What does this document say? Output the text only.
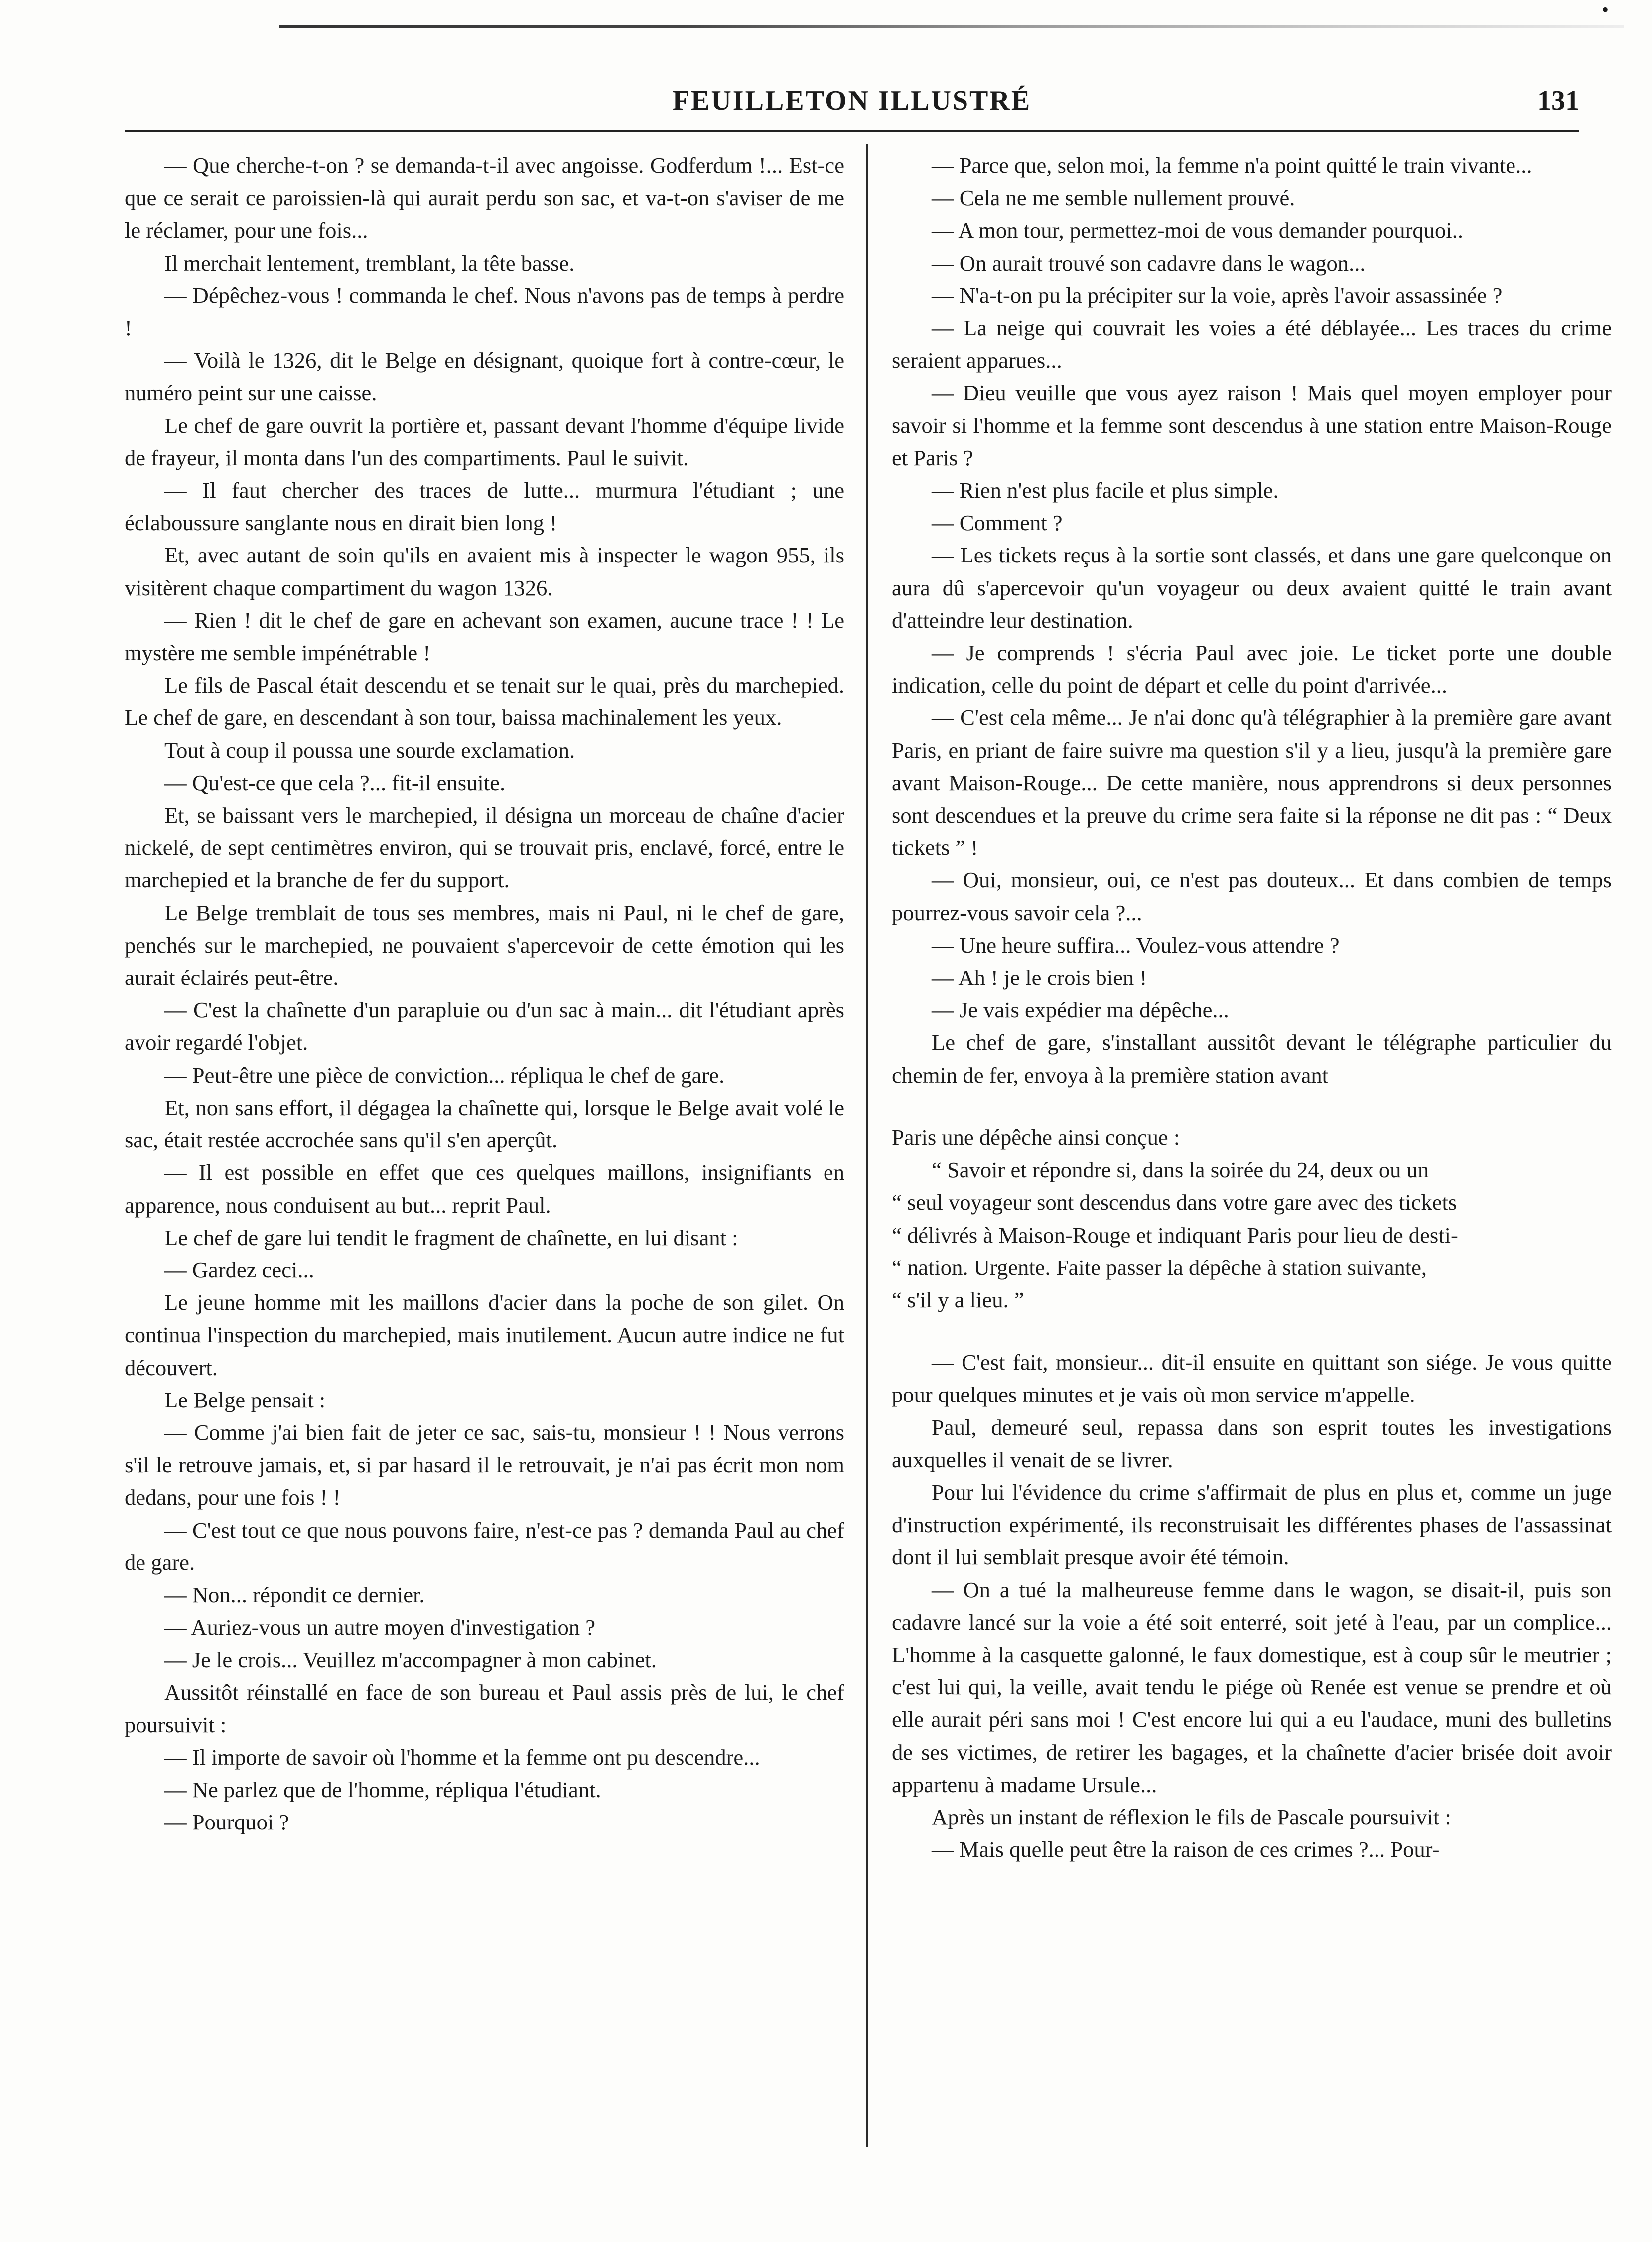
•
FEUILLETON ILLUSTRÉ	131

— Que cherche-t-on ? se demanda-t-il avec angoisse. Godferdum !... Est-ce que ce serait ce paroissien-là qui aurait perdu son sac, et va-t-on s'aviser de me le réclamer, pour une fois...

Il merchait lentement, tremblant, la tête basse.

— Dépêchez-vous ! commanda le chef. Nous n'avons pas de temps à perdre !

— Voilà le 1326, dit le Belge en désignant, quoique fort à contre-cœur, le numéro peint sur une caisse.

Le chef de gare ouvrit la portière et, passant devant l'homme d'équipe livide de frayeur, il monta dans l'un des compartiments. Paul le suivit.

— Il faut chercher des traces de lutte... murmura l'étudiant ; une éclaboussure sanglante nous en dirait bien long !

Et, avec autant de soin qu'ils en avaient mis à inspecter le wagon 955, ils visitèrent chaque compartiment du wagon 1326.

— Rien ! dit le chef de gare en achevant son examen, aucune trace ! ! Le mystère me semble impénétrable !

Le fils de Pascal était descendu et se tenait sur le quai, près du marchepied. Le chef de gare, en descendant à son tour, baissa machinalement les yeux.

Tout à coup il poussa une sourde exclamation.

— Qu'est-ce que cela ?... fit-il ensuite.

Et, se baissant vers le marchepied, il désigna un morceau de chaîne d'acier nickelé, de sept centimètres environ, qui se trouvait pris, enclavé, forcé, entre le marchepied et la branche de fer du support.

Le Belge tremblait de tous ses membres, mais ni Paul, ni le chef de gare, penchés sur le marchepied, ne pouvaient s'apercevoir de cette émotion qui les aurait éclairés peut-être.

— C'est la chaînette d'un parapluie ou d'un sac à main... dit l'étudiant après avoir regardé l'objet.

— Peut-être une pièce de conviction... répliqua le chef de gare.

Et, non sans effort, il dégagea la chaînette qui, lorsque le Belge avait volé le sac, était restée accrochée sans qu'il s'en aperçût.

— Il est possible en effet que ces quelques maillons, insignifiants en apparence, nous conduisent au but... reprit Paul.

Le chef de gare lui tendit le fragment de chaînette, en lui disant :

— Gardez ceci...

Le jeune homme mit les maillons d'acier dans la poche de son gilet. On continua l'inspection du marchepied, mais inutilement. Aucun autre indice ne fut découvert.

Le Belge pensait :

— Comme j'ai bien fait de jeter ce sac, sais-tu, monsieur ! ! Nous verrons s'il le retrouve jamais, et, si par hasard il le retrouvait, je n'ai pas écrit mon nom dedans, pour une fois ! !

— C'est tout ce que nous pouvons faire, n'est-ce pas ? demanda Paul au chef de gare.

— Non... répondit ce dernier.

— Auriez-vous un autre moyen d'investigation ?

— Je le crois... Veuillez m'accompagner à mon cabinet.

Aussitôt réinstallé en face de son bureau et Paul assis près de lui, le chef poursuivit :

— Il importe de savoir où l'homme et la femme ont pu descendre...

— Ne parlez que de l'homme, répliqua l'étudiant.

— Pourquoi ?

— Parce que, selon moi, la femme n'a point quitté le train vivante...

— Cela ne me semble nullement prouvé.

— A mon tour, permettez-moi de vous demander pourquoi..

— On aurait trouvé son cadavre dans le wagon...

— N'a-t-on pu la précipiter sur la voie, après l'avoir assassinée ?

— La neige qui couvrait les voies a été déblayée... Les traces du crime seraient apparues...

— Dieu veuille que vous ayez raison ! Mais quel moyen employer pour savoir si l'homme et la femme sont descendus à une station entre Maison-Rouge et Paris ?

— Rien n'est plus facile et plus simple.

— Comment ?

— Les tickets reçus à la sortie sont classés, et dans une gare quelconque on aura dû s'apercevoir qu'un voyageur ou deux avaient quitté le train avant d'atteindre leur destination.

— Je comprends ! s'écria Paul avec joie. Le ticket porte une double indication, celle du point de départ et celle du point d'arrivée...

— C'est cela même... Je n'ai donc qu'à télégraphier à la première gare avant Paris, en priant de faire suivre ma question s'il y a lieu, jusqu'à la première gare avant Maison-Rouge... De cette manière, nous apprendrons si deux personnes sont descendues et la preuve du crime sera faite si la réponse ne dit pas : “ Deux tickets ” !

— Oui, monsieur, oui, ce n'est pas douteux... Et dans combien de temps pourrez-vous savoir cela ?...

— Une heure suffira... Voulez-vous attendre ?

— Ah ! je le crois bien !

— Je vais expédier ma dépêche...

Le chef de gare, s'installant aussitôt devant le télégraphe particulier du chemin de fer, envoya à la première station avant

Paris une dépêche ainsi conçue :

“ Savoir et répondre si, dans la soirée du 24, deux ou un

“ seul voyageur sont descendus dans votre gare avec des tickets

“ délivrés à Maison-Rouge et indiquant Paris pour lieu de desti-

“ nation. Urgente. Faite passer la dépêche à station suivante,

“ s'il y a lieu. ”

— C'est fait, monsieur... dit-il ensuite en quittant son siége. Je vous quitte pour quelques minutes et je vais où mon service m'appelle.

Paul, demeuré seul, repassa dans son esprit toutes les investigations auxquelles il venait de se livrer.

Pour lui l'évidence du crime s'affirmait de plus en plus et, comme un juge d'instruction expérimenté, ils reconstruisait les différentes phases de l'assassinat dont il lui semblait presque avoir été témoin.

— On a tué la malheureuse femme dans le wagon, se disait-il, puis son cadavre lancé sur la voie a été soit enterré, soit jeté à l'eau, par un complice... L'homme à la casquette galonné, le faux domestique, est à coup sûr le meutrier ; c'est lui qui, la veille, avait tendu le piége où Renée est venue se prendre et où elle aurait péri sans moi ! C'est encore lui qui a eu l'audace, muni des bulletins de ses victimes, de retirer les bagages, et la chaînette d'acier brisée doit avoir appartenu à madame Ursule...

Après un instant de réflexion le fils de Pascale poursuivit :

— Mais quelle peut être la raison de ces crimes ?... Pour-
